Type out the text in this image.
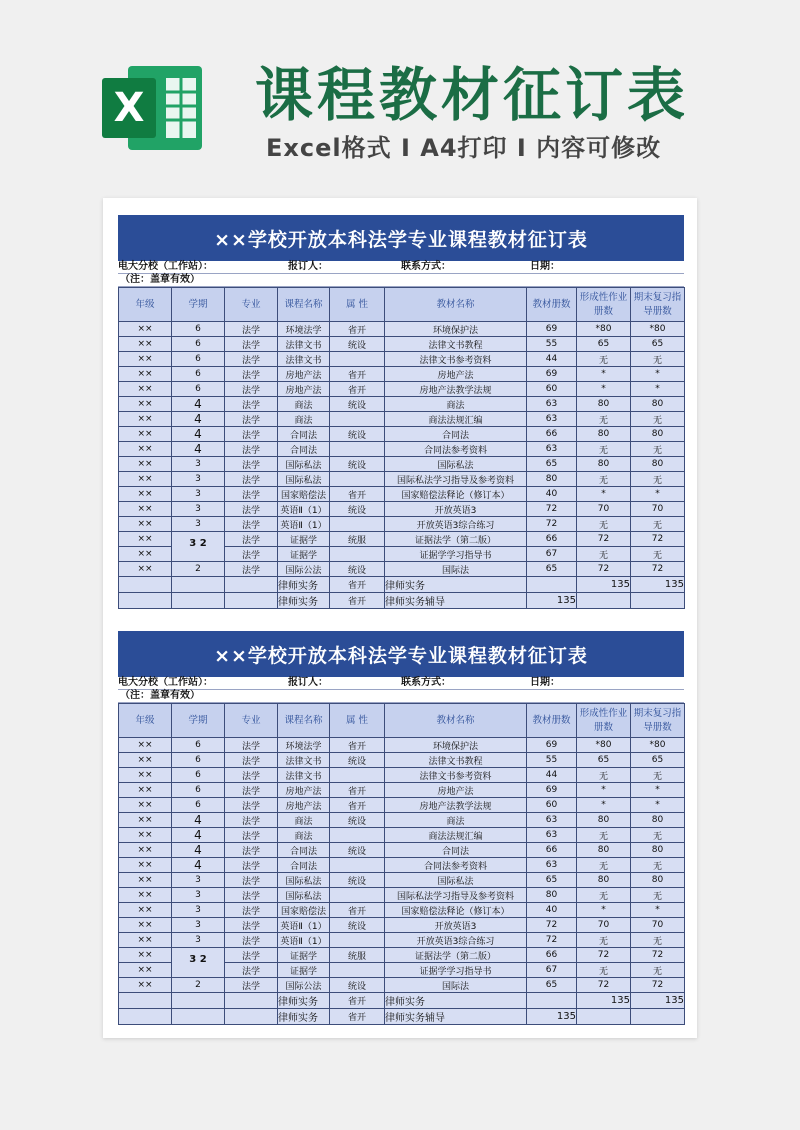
X 课程教材征订表
Excel格式 I A4打印 I 内容可修改
××学校开放本科法学专业课程教材征订表
电大分校（工作站）：	报订人：	联系方式：	日期：
（注：盖章有效）
年级	学期	专业	课程名称	属 性	教材名称	教材册数	形成性作业册数	期末复习指导册数
××	6	法学	环境法学	省开	环境保护法	69	*80	*80
××	6	法学	法律文书	统设	法律文书教程	55	65	65
××	6	法学	法律文书		法律文书参考资料	44	无	无
××	6	法学	房地产法	省开	房地产法	69	*	*
××	6	法学	房地产法	省开	房地产法教学法规	60	*	*
××	4	法学	商法	统设	商法	63	80	80
××	4	法学	商法		商法法规汇编	63	无	无
××	4	法学	合同法	统设	合同法	66	80	80
××	4	法学	合同法		合同法参考资料	63	无	无
××	3	法学	国际私法	统设	国际私法	65	80	80
××	3	法学	国际私法		国际私法学习指导及参考资料	80	无	无
××	3	法学	国家赔偿法	省开	国家赔偿法释论（修订本）	40	*	*
××	3	法学	英语Ⅱ（1）	统设	开放英语3	72	70	70
××	3	法学	英语Ⅱ（1）		开放英语3综合练习	72	无	无
××	3 2	法学	证据学	统服	证据法学（第二版）	66	72	72
××		法学	证据学		证据学学习指导书	67	无	无
××	2	法学	国际公法	统设	国际法	65	72	72
			律师实务	省开	律师实务		135	135
			律师实务	省开	律师实务辅导	135		
××学校开放本科法学专业课程教材征订表
电大分校（工作站）：	报订人：	联系方式：	日期：
（注：盖章有效）
年级	学期	专业	课程名称	属 性	教材名称	教材册数	形成性作业册数	期末复习指导册数
××	6	法学	环境法学	省开	环境保护法	69	*80	*80
××	6	法学	法律文书	统设	法律文书教程	55	65	65
××	6	法学	法律文书		法律文书参考资料	44	无	无
××	6	法学	房地产法	省开	房地产法	69	*	*
××	6	法学	房地产法	省开	房地产法教学法规	60	*	*
××	4	法学	商法	统设	商法	63	80	80
××	4	法学	商法		商法法规汇编	63	无	无
××	4	法学	合同法	统设	合同法	66	80	80
××	4	法学	合同法		合同法参考资料	63	无	无
××	3	法学	国际私法	统设	国际私法	65	80	80
××	3	法学	国际私法		国际私法学习指导及参考资料	80	无	无
××	3	法学	国家赔偿法	省开	国家赔偿法释论（修订本）	40	*	*
××	3	法学	英语Ⅱ（1）	统设	开放英语3	72	70	70
××	3	法学	英语Ⅱ（1）		开放英语3综合练习	72	无	无
××	3 2	法学	证据学	统服	证据法学（第二版）	66	72	72
××		法学	证据学		证据学学习指导书	67	无	无
××	2	法学	国际公法	统设	国际法	65	72	72
			律师实务	省开	律师实务		135	135
			律师实务	省开	律师实务辅导	135		
